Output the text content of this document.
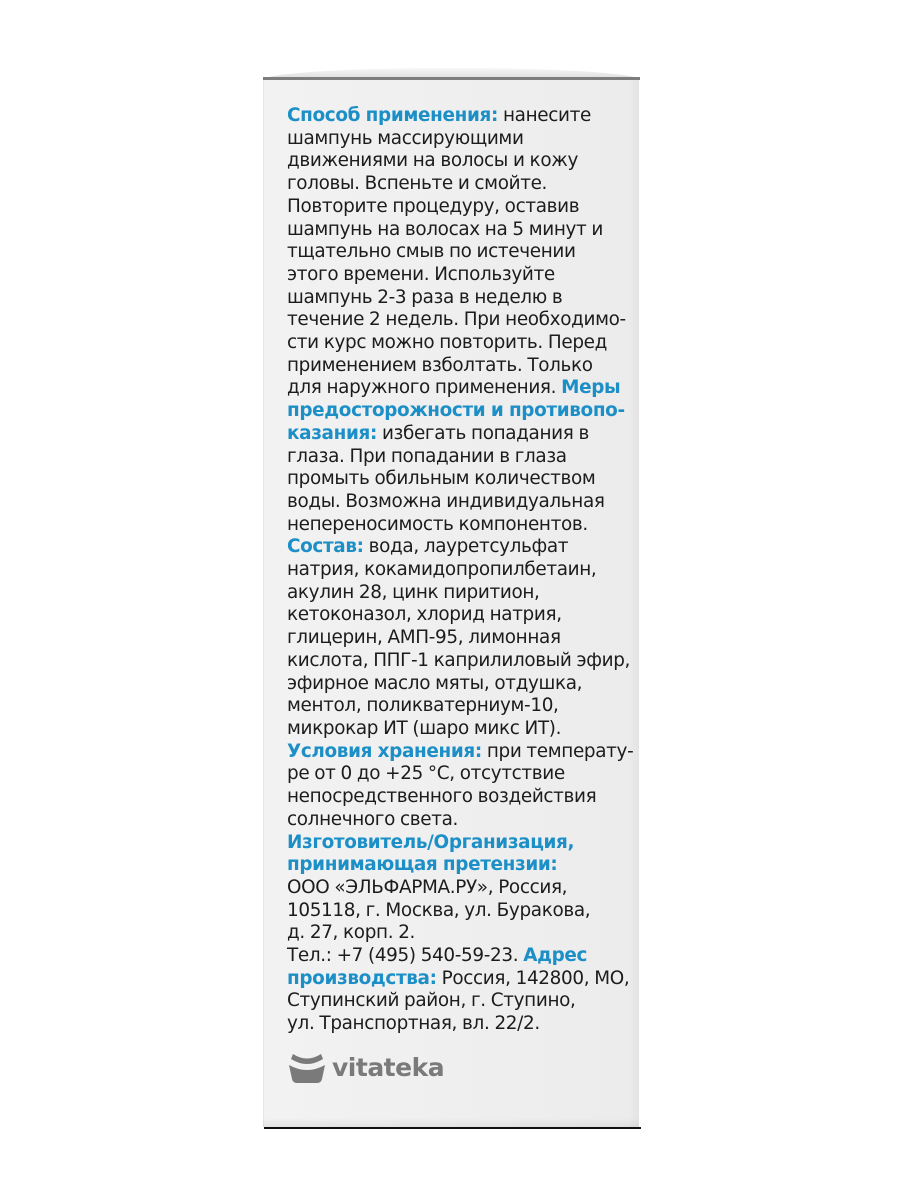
Способ применения: нанесите
шампунь массирующими
движениями на волосы и кожу
головы. Вспеньте и смойте.
Повторите процедуру, оставив
шампунь на волосах на 5 минут и
тщательно смыв по истечении
этого времени. Используйте
шампунь 2-3 раза в неделю в
течение 2 недель. При необходимо-
сти курс можно повторить. Перед
применением взболтать. Только
для наружного применения. Меры
предосторожности и противопо-
казания: избегать попадания в
глаза. При попадании в глаза
промыть обильным количеством
воды. Возможна индивидуальная
непереносимость компонентов.
Состав: вода, лауретсульфат
натрия, кокамидопропилбетаин,
акулин 28, цинк пиритион,
кетоконазол, хлорид натрия,
глицерин, АМП-95, лимонная
кислота, ППГ-1 каприлиловый эфир,
эфирное масло мяты, отдушка,
ментол, поликватерниум-10,
микрокар ИТ (шаро микс ИТ).
Условия хранения: при температу-
ре от 0 до +25 °С, отсутствие
непосредственного воздействия
солнечного света.
Изготовитель/Организация,
принимающая претензии:
ООО «ЭЛЬФАРМА.РУ», Россия,
105118, г. Москва, ул. Буракова,
д. 27, корп. 2.
Тел.: +7 (495) 540-59-23. Адрес
производства: Россия, 142800, МО,
Ступинский район, г. Ступино,
ул. Транспортная, вл. 22/2.
vitateka
